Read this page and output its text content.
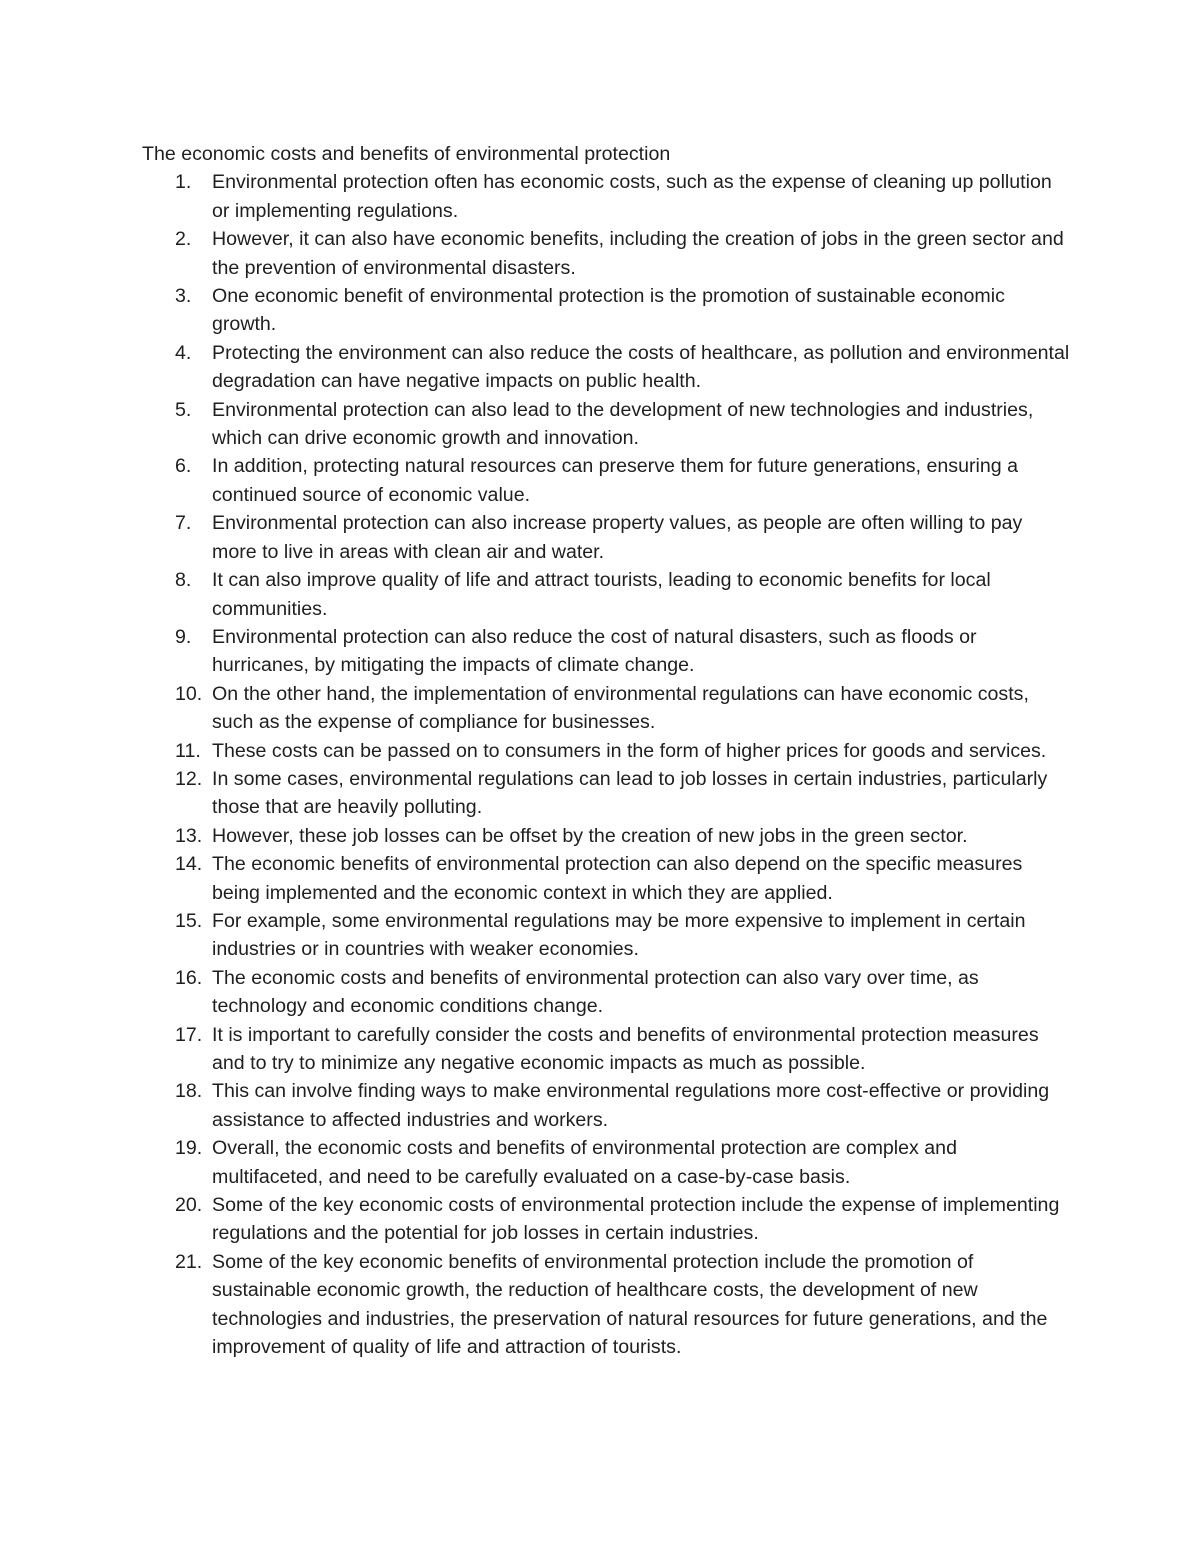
The economic costs and benefits of environmental protection
1. Environmental protection often has economic costs, such as the expense of cleaning up pollution or implementing regulations.
2. However, it can also have economic benefits, including the creation of jobs in the green sector and the prevention of environmental disasters.
3. One economic benefit of environmental protection is the promotion of sustainable economic growth.
4. Protecting the environment can also reduce the costs of healthcare, as pollution and environmental degradation can have negative impacts on public health.
5. Environmental protection can also lead to the development of new technologies and industries, which can drive economic growth and innovation.
6. In addition, protecting natural resources can preserve them for future generations, ensuring a continued source of economic value.
7. Environmental protection can also increase property values, as people are often willing to pay more to live in areas with clean air and water.
8. It can also improve quality of life and attract tourists, leading to economic benefits for local communities.
9. Environmental protection can also reduce the cost of natural disasters, such as floods or hurricanes, by mitigating the impacts of climate change.
10. On the other hand, the implementation of environmental regulations can have economic costs, such as the expense of compliance for businesses.
11. These costs can be passed on to consumers in the form of higher prices for goods and services.
12. In some cases, environmental regulations can lead to job losses in certain industries, particularly those that are heavily polluting.
13. However, these job losses can be offset by the creation of new jobs in the green sector.
14. The economic benefits of environmental protection can also depend on the specific measures being implemented and the economic context in which they are applied.
15. For example, some environmental regulations may be more expensive to implement in certain industries or in countries with weaker economies.
16. The economic costs and benefits of environmental protection can also vary over time, as technology and economic conditions change.
17. It is important to carefully consider the costs and benefits of environmental protection measures and to try to minimize any negative economic impacts as much as possible.
18. This can involve finding ways to make environmental regulations more cost-effective or providing assistance to affected industries and workers.
19. Overall, the economic costs and benefits of environmental protection are complex and multifaceted, and need to be carefully evaluated on a case-by-case basis.
20. Some of the key economic costs of environmental protection include the expense of implementing regulations and the potential for job losses in certain industries.
21. Some of the key economic benefits of environmental protection include the promotion of sustainable economic growth, the reduction of healthcare costs, the development of new technologies and industries, the preservation of natural resources for future generations, and the improvement of quality of life and attraction of tourists.
